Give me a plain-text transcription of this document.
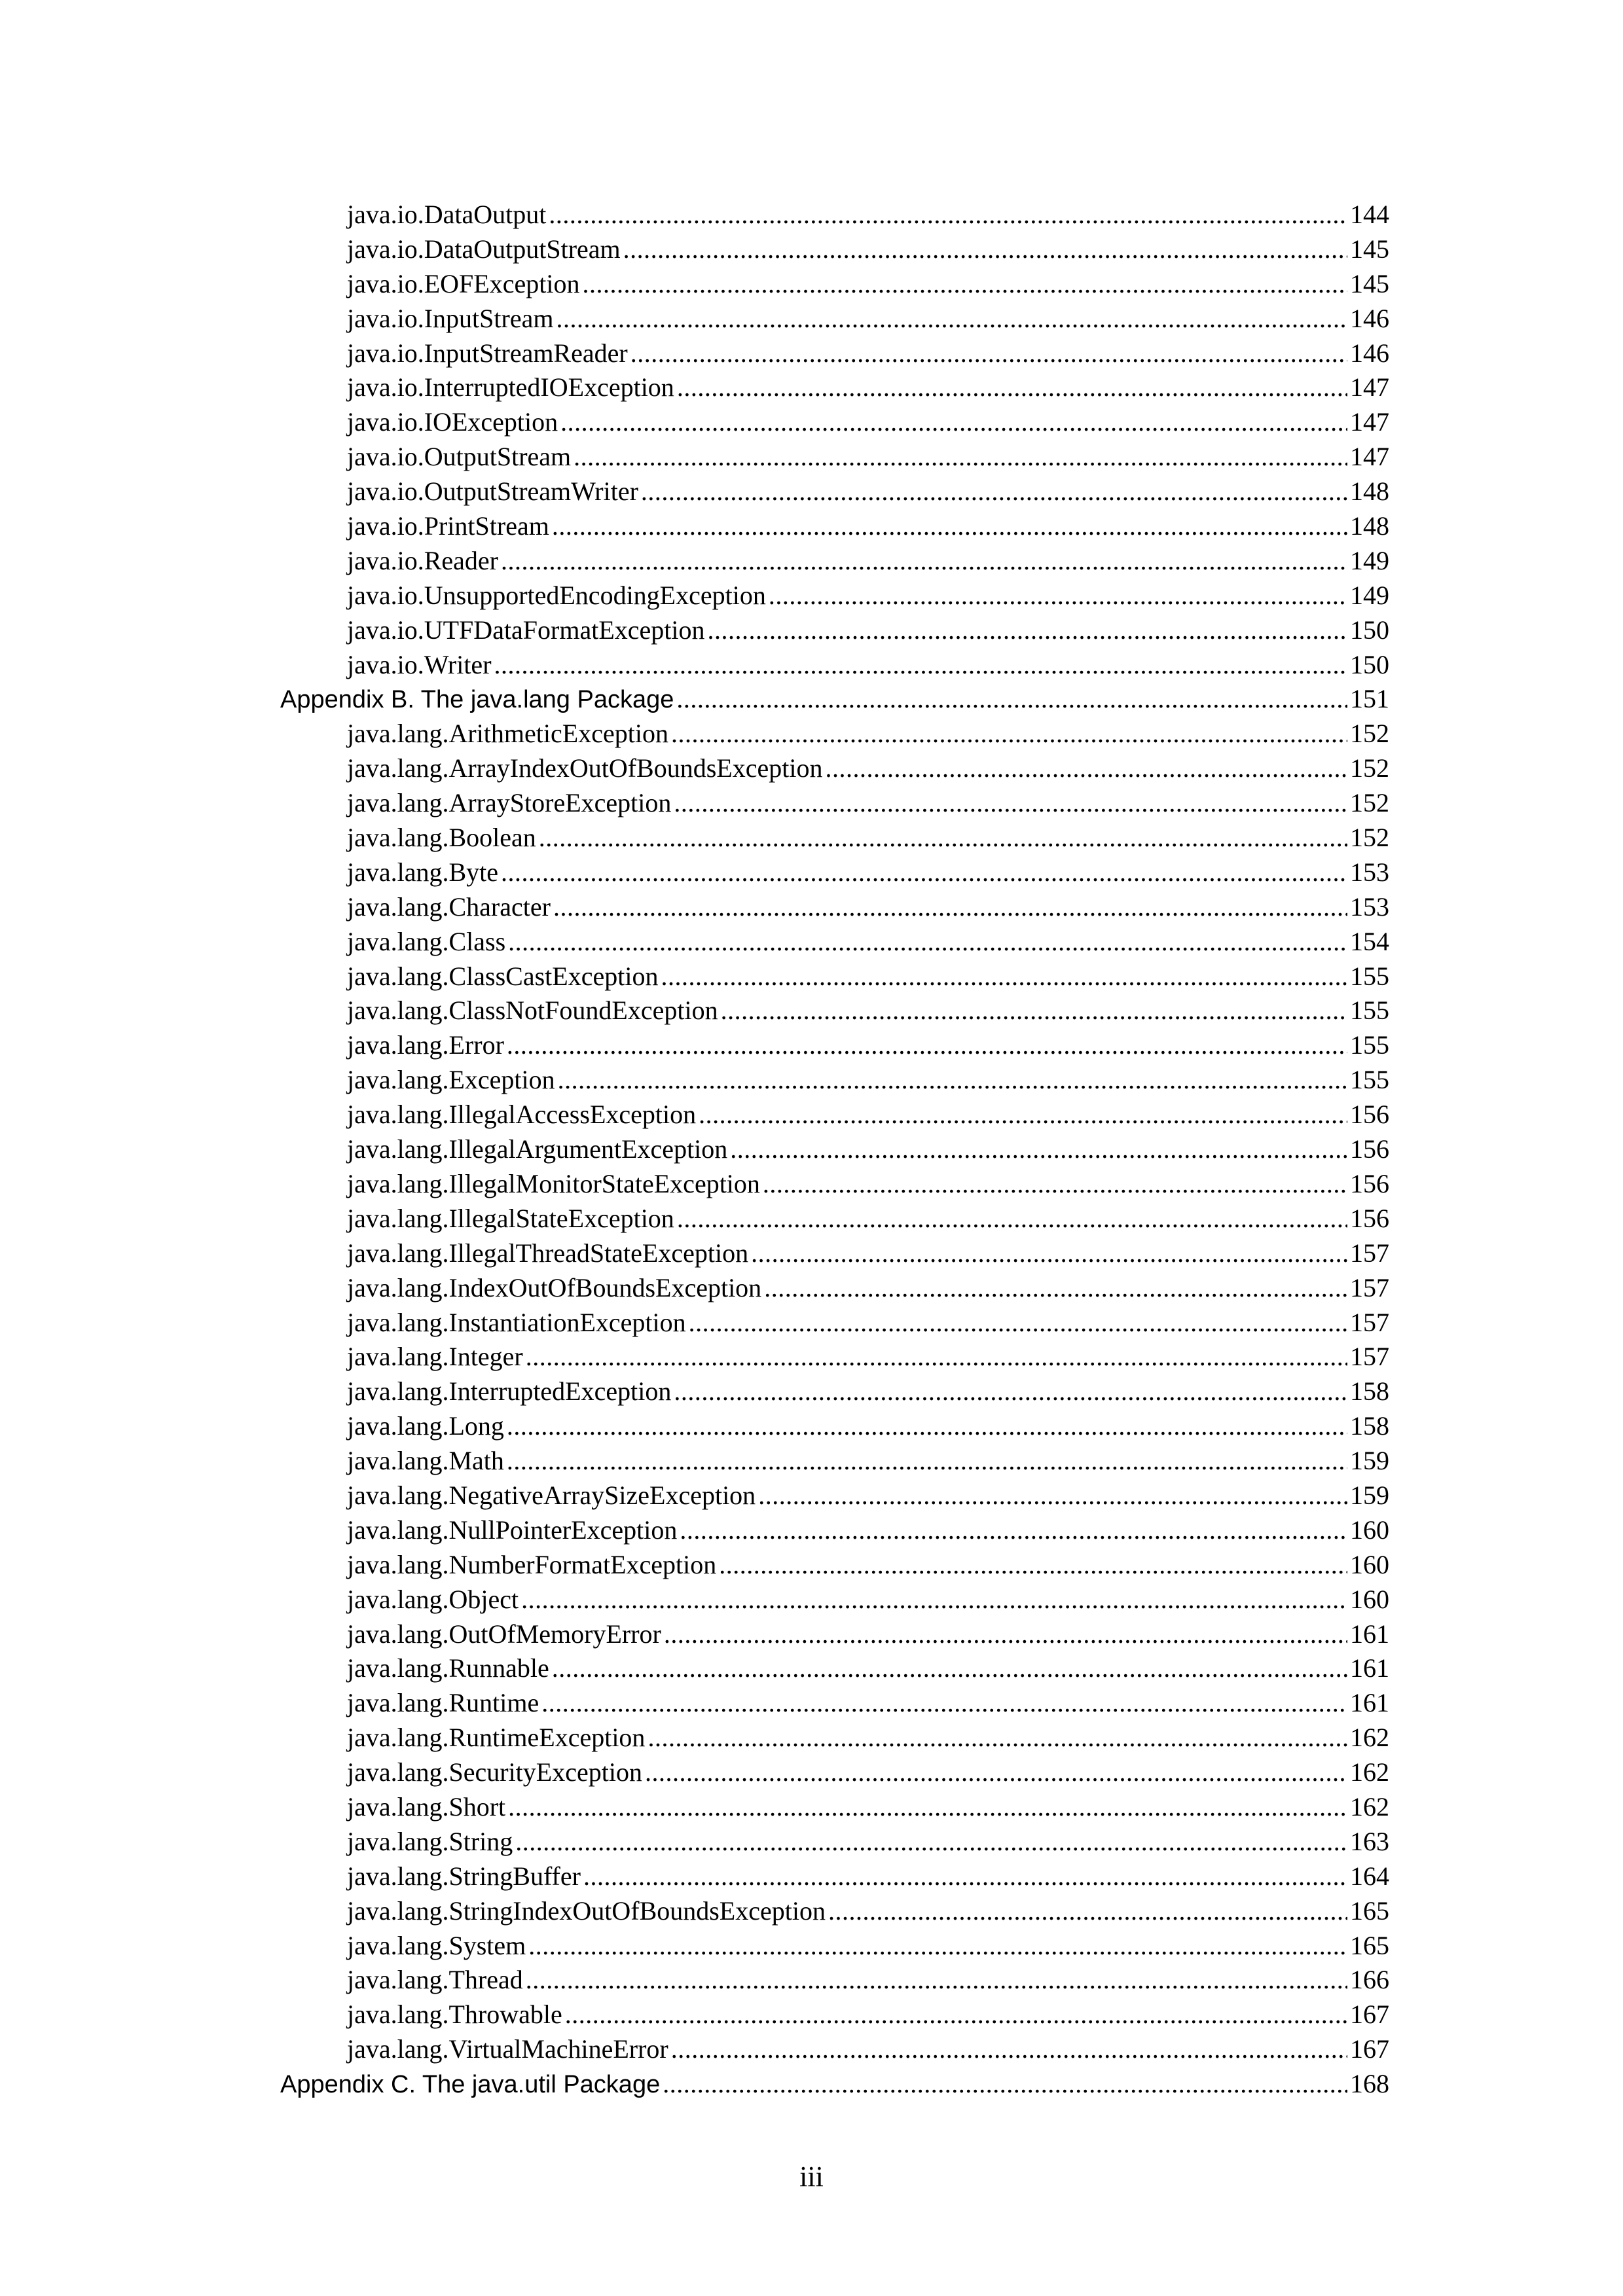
java.io.DataOutput .....	144
java.io.DataOutputStream .....	145
java.io.EOFException .....	145
java.io.InputStream .....	146
java.io.InputStreamReader .....	146
java.io.InterruptedIOException .....	147
java.io.IOException .....	147
java.io.OutputStream .....	147
java.io.OutputStreamWriter .....	148
java.io.PrintStream .....	148
java.io.Reader .....	149
java.io.UnsupportedEncodingException .....	149
java.io.UTFDataFormatException .....	150
java.io.Writer .....	150
Appendix B. The java.lang Package .....	151
java.lang.ArithmeticException .....	152
java.lang.ArrayIndexOutOfBoundsException .....	152
java.lang.ArrayStoreException .....	152
java.lang.Boolean .....	152
java.lang.Byte .....	153
java.lang.Character .....	153
java.lang.Class .....	154
java.lang.ClassCastException .....	155
java.lang.ClassNotFoundException .....	155
java.lang.Error .....	155
java.lang.Exception .....	155
java.lang.IllegalAccessException .....	156
java.lang.IllegalArgumentException .....	156
java.lang.IllegalMonitorStateException .....	156
java.lang.IllegalStateException .....	156
java.lang.IllegalThreadStateException .....	157
java.lang.IndexOutOfBoundsException .....	157
java.lang.InstantiationException .....	157
java.lang.Integer .....	157
java.lang.InterruptedException .....	158
java.lang.Long .....	158
java.lang.Math .....	159
java.lang.NegativeArraySizeException .....	159
java.lang.NullPointerException .....	160
java.lang.NumberFormatException .....	160
java.lang.Object .....	160
java.lang.OutOfMemoryError .....	161
java.lang.Runnable .....	161
java.lang.Runtime .....	161
java.lang.RuntimeException .....	162
java.lang.SecurityException .....	162
java.lang.Short .....	162
java.lang.String .....	163
java.lang.StringBuffer .....	164
java.lang.StringIndexOutOfBoundsException .....	165
java.lang.System .....	165
java.lang.Thread .....	166
java.lang.Throwable .....	167
java.lang.VirtualMachineError .....	167
Appendix C. The java.util Package .....	168
iii
